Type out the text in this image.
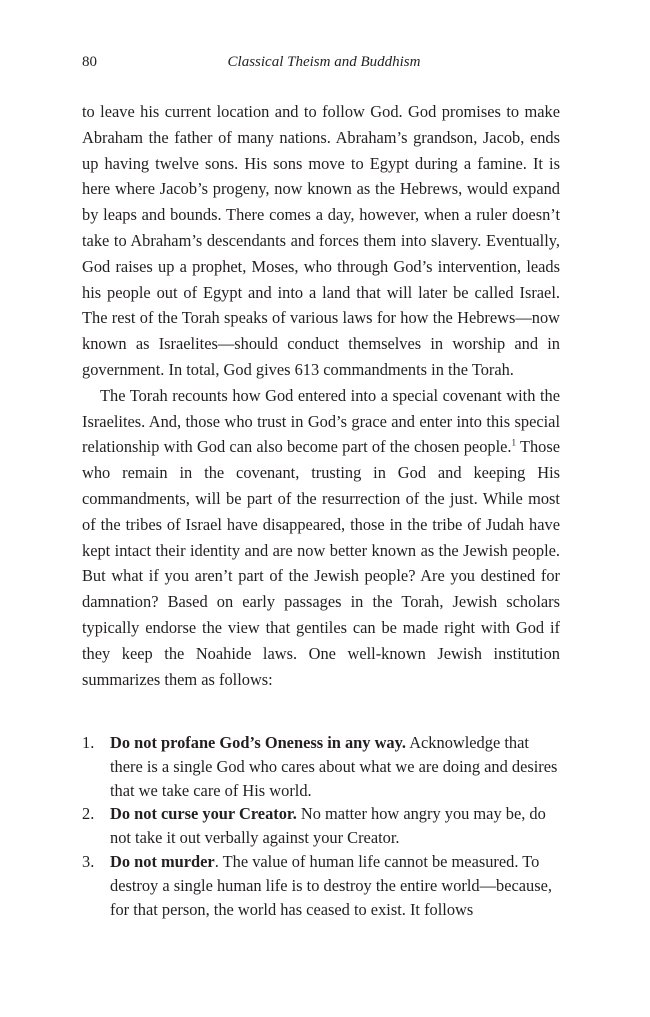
80	Classical Theism and Buddhism

to leave his current location and to follow God. God promises to make Abraham the father of many nations. Abraham’s grandson, Jacob, ends up having twelve sons. His sons move to Egypt during a famine. It is here where Jacob’s progeny, now known as the Hebrews, would expand by leaps and bounds. There comes a day, however, when a ruler doesn’t take to Abraham’s descendants and forces them into slavery. Eventually, God raises up a prophet, Moses, who through God’s intervention, leads his people out of Egypt and into a land that will later be called Israel. The rest of the Torah speaks of various laws for how the Hebrews—now known as Israelites—should conduct themselves in worship and in government. In total, God gives 613 commandments in the Torah.

The Torah recounts how God entered into a special covenant with the Israelites. And, those who trust in God’s grace and enter into this special relationship with God can also become part of the chosen people.$^1$ Those who remain in the covenant, trusting in God and keeping His commandments, will be part of the resurrection of the just. While most of the tribes of Israel have disappeared, those in the tribe of Judah have kept intact their identity and are now better known as the Jewish people. But what if you aren’t part of the Jewish people? Are you destined for damnation? Based on early passages in the Torah, Jewish scholars typically endorse the view that gentiles can be made right with God if they keep the Noahide laws. One well-known Jewish institution summarizes them as follows:

1. Do not profane God’s Oneness in any way. Acknowledge that there is a single God who cares about what we are doing and desires that we take care of His world.
2. Do not curse your Creator. No matter how angry you may be, do not take it out verbally against your Creator.
3. Do not murder. The value of human life cannot be measured. To destroy a single human life is to destroy the entire world—because, for that person, the world has ceased to exist. It follows
